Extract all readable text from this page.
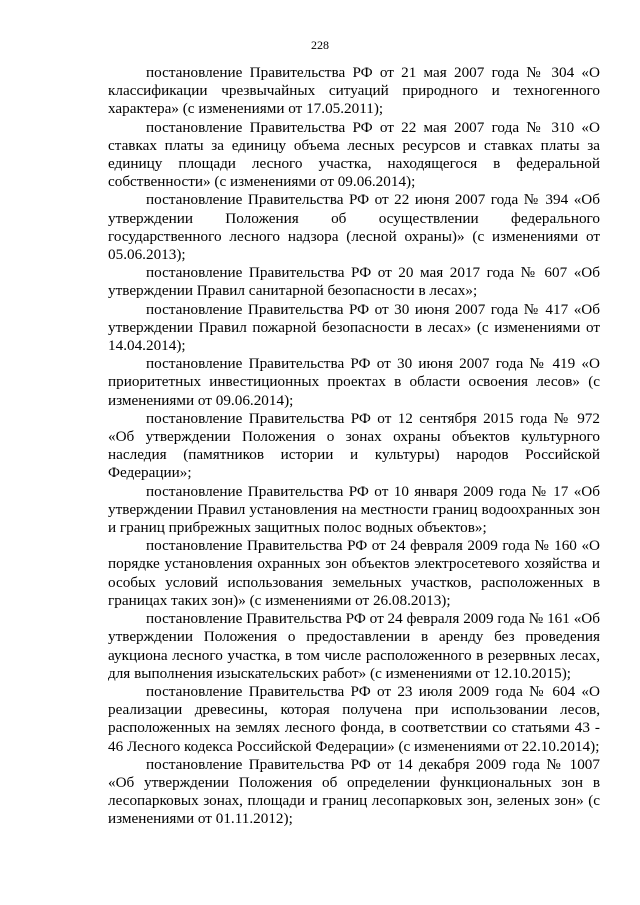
228

постановление Правительства РФ от 21 мая 2007 года № 304 «О классификации чрезвычайных ситуаций природного и техногенного характера» (с изменениями от 17.05.2011);

постановление Правительства РФ от 22 мая 2007 года № 310 «О ставках платы за единицу объема лесных ресурсов и ставках платы за единицу площади лесного участка, находящегося в федеральной собственности» (с изменениями от 09.06.2014);

постановление Правительства РФ от 22 июня 2007 года № 394 «Об утверждении Положения об осуществлении федерального государственного лесного надзора (лесной охраны)» (с изменениями от 05.06.2013);

постановление Правительства РФ от 20 мая 2017 года № 607 «Об утверждении Правил санитарной безопасности в лесах»;

постановление Правительства РФ от 30 июня 2007 года № 417 «Об утверждении Правил пожарной безопасности в лесах» (с изменениями от 14.04.2014);

постановление Правительства РФ от 30 июня 2007 года № 419 «О приоритетных инвестиционных проектах в области освоения лесов» (с изменениями от 09.06.2014);

постановление Правительства РФ от 12 сентября 2015 года № 972 «Об утверждении Положения о зонах охраны объектов культурного наследия (памятников истории и культуры) народов Российской Федерации»;

постановление Правительства РФ от 10 января 2009 года № 17 «Об утверждении Правил установления на местности границ водоохранных зон и границ прибрежных защитных полос водных объектов»;

постановление Правительства РФ от 24 февраля 2009 года № 160 «О порядке установления охранных зон объектов электросетевого хозяйства и особых условий использования земельных участков, расположенных в границах таких зон)» (с изменениями от 26.08.2013);

постановление Правительства РФ от 24 февраля 2009 года № 161 «Об утверждении Положения о предоставлении в аренду без проведения аукциона лесного участка, в том числе расположенного в резервных лесах, для выполнения изыскательских работ» (с изменениями от 12.10.2015);

постановление Правительства РФ от 23 июля 2009 года № 604 «О реализации древесины, которая получена при использовании лесов, расположенных на землях лесного фонда, в соответствии со статьями 43 - 46 Лесного кодекса Российской Федерации» (с изменениями от 22.10.2014);

постановление Правительства РФ от 14 декабря 2009 года № 1007 «Об утверждении Положения об определении функциональных зон в лесопарковых зонах, площади и границ лесопарковых зон, зеленых зон» (с изменениями от 01.11.2012);
